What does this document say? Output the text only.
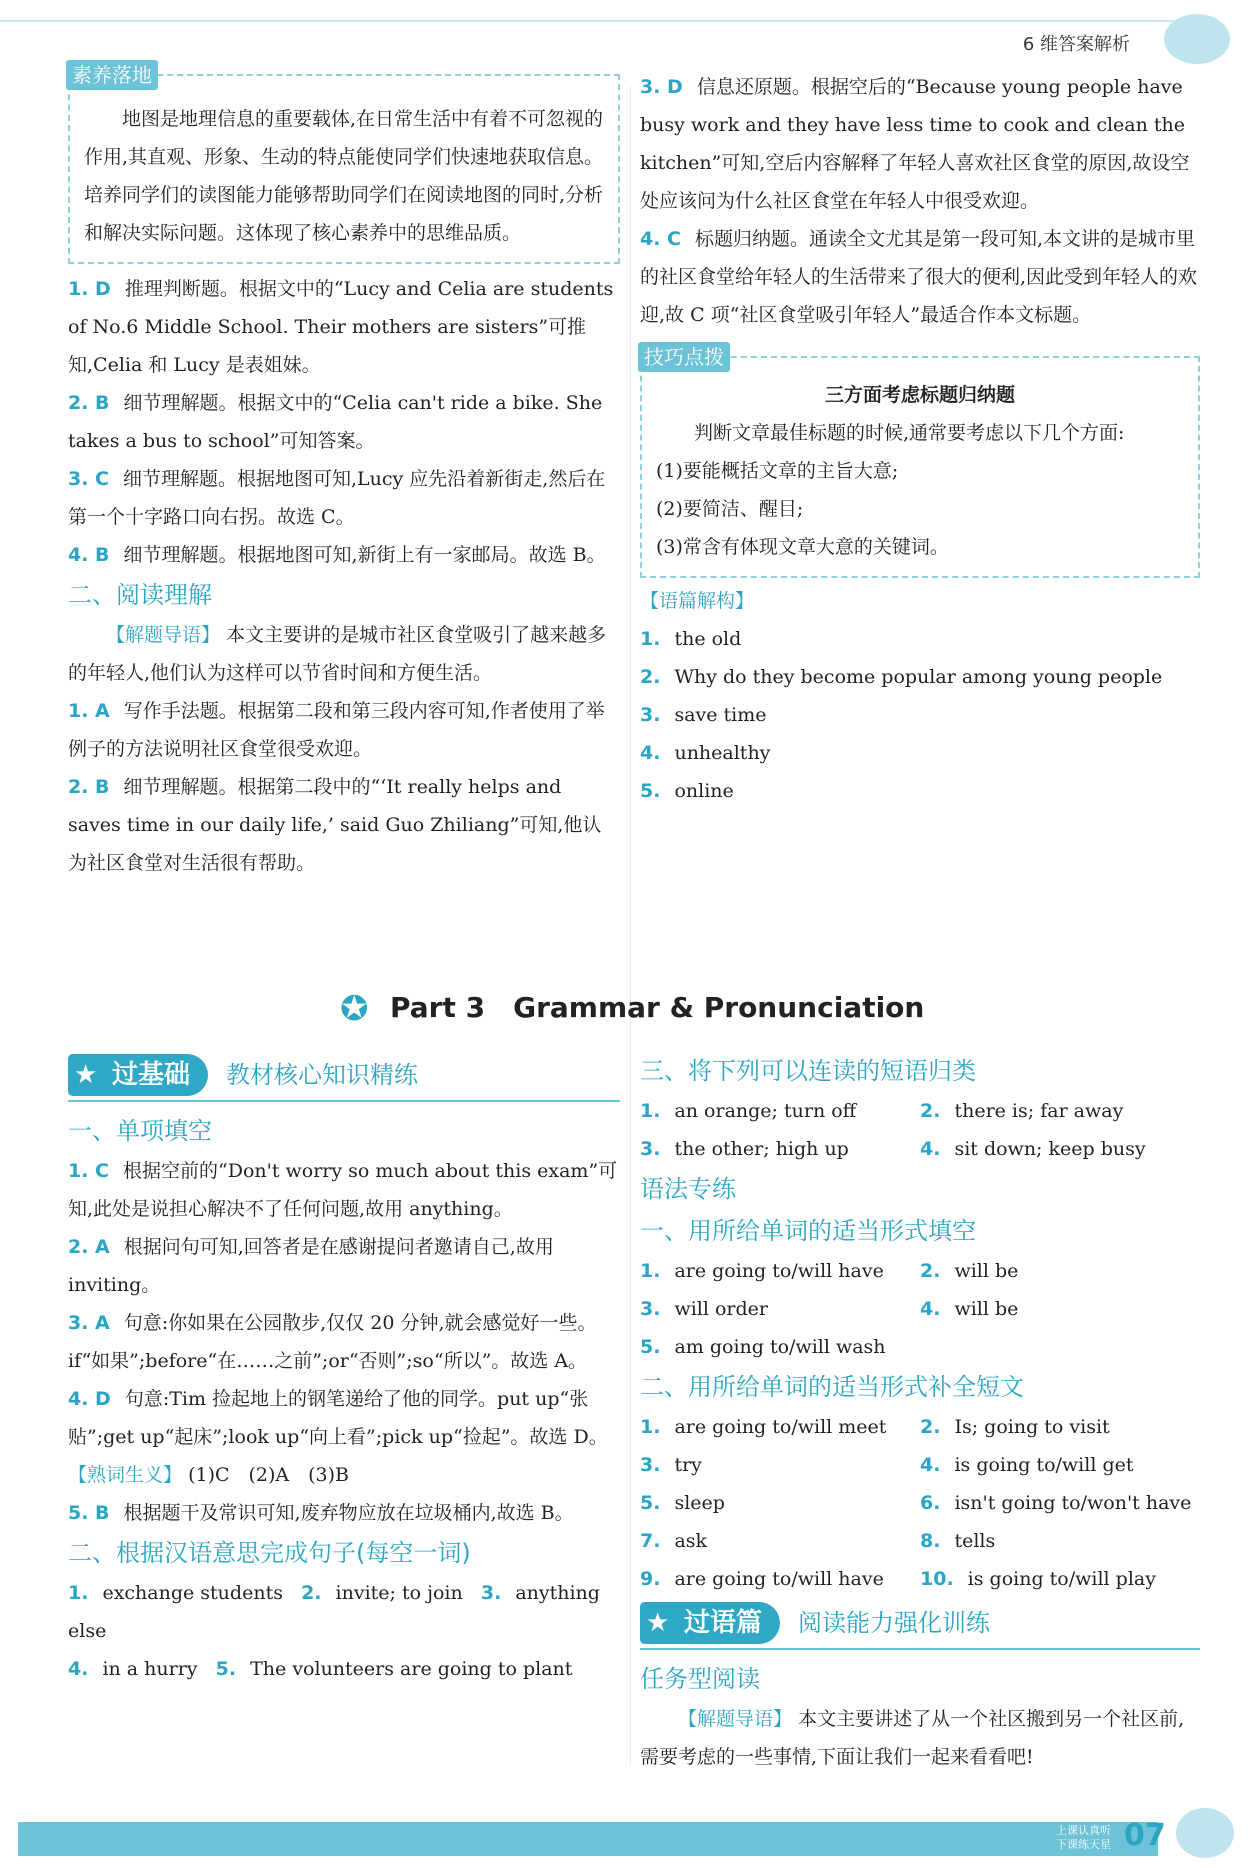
6 维答案解析
素养落地

地图是地理信息的重要载体,在日常生活中有着不可忽视的作用,其直观、形象、生动的特点能使同学们快速地获取信息。培养同学们的读图能力能够帮助同学们在阅读地图的同时,分析和解决实际问题。这体现了核心素养中的思维品质。

1. D 推理判断题。根据文中的“Lucy and Celia are students of No.6 Middle School. Their mothers are sisters”可推知,Celia 和 Lucy 是表姐妹。
2. B 细节理解题。根据文中的“Celia can't ride a bike. She takes a bus to school”可知答案。
3. C 细节理解题。根据地图可知,Lucy 应先沿着新街走,然后在第一个十字路口向右拐。故选 C。
4. B 细节理解题。根据地图可知,新街上有一家邮局。故选 B。
二、阅读理解
【解题导语】 本文主要讲的是城市社区食堂吸引了越来越多的年轻人,他们认为这样可以节省时间和方便生活。
1. A 写作手法题。根据第二段和第三段内容可知,作者使用了举例子的方法说明社区食堂很受欢迎。
2. B 细节理解题。根据第二段中的“‘It really helps and saves time in our daily life,’ said Guo Zhiliang”可知,他认为社区食堂对生活很有帮助。
3. D 信息还原题。根据空后的“Because young people have busy work and they have less time to cook and clean the kitchen”可知,空后内容解释了年轻人喜欢社区食堂的原因,故设空处应该问为什么社区食堂在年轻人中很受欢迎。
4. C 标题归纳题。通读全文尤其是第一段可知,本文讲的是城市里的社区食堂给年轻人的生活带来了很大的便利,因此受到年轻人的欢迎,故 C 项“社区食堂吸引年轻人”最适合作本文标题。
技巧点拨
三方面考虑标题归纳题
判断文章最佳标题的时候,通常要考虑以下几个方面:
(1)要能概括文章的主旨大意;
(2)要简洁、醒目;
(3)常含有体现文章大意的关键词。
【语篇解构】
1. the old
2. Why do they become popular among young people
3. save time
4. unhealthy
5. online
✪ Part 3　Grammar & Pronunciation
★ 过基础	教材核心知识精练
一、单项填空
1. C 根据空前的“Don't worry so much about this exam”可知,此处是说担心解决不了任何问题,故用 anything。
2. A 根据问句可知,回答者是在感谢提问者邀请自己,故用 inviting。
3. A 句意:你如果在公园散步,仅仅 20 分钟,就会感觉好一些。if“如果”;before“在……之前”;or“否则”;so“所以”。故选 A。
4. D 句意:Tim 捡起地上的钢笔递给了他的同学。put up“张贴”;get up“起床”;look up“向上看”;pick up“捡起”。故选 D。
【熟词生义】 (1)C　(2)A　(3)B
5. B 根据题干及常识可知,废弃物应放在垃圾桶内,故选 B。
二、根据汉语意思完成句子(每空一词)
1. exchange students 2. invite; to join 3. anything else
4. in a hurry 5. The volunteers are going to plant
三、将下列可以连读的短语归类
1. an orange; turn off	2. there is; far away
3. the other; high up	4. sit down; keep busy
语法专练
一、用所给单词的适当形式填空
1. are going to/will have	2. will be
3. will order	4. will be
5. am going to/will wash
二、用所给单词的适当形式补全短文
1. are going to/will meet	2. Is; going to visit
3. try	4. is going to/will get
5. sleep	6. isn't going to/won't have
7. ask	8. tells
9. are going to/will have	10. is going to/will play
★ 过语篇	阅读能力强化训练
任务型阅读
【解题导语】 本文主要讲述了从一个社区搬到另一个社区前,需要考虑的一些事情,下面让我们一起来看看吧!
上课认真听 下课练天星 07
